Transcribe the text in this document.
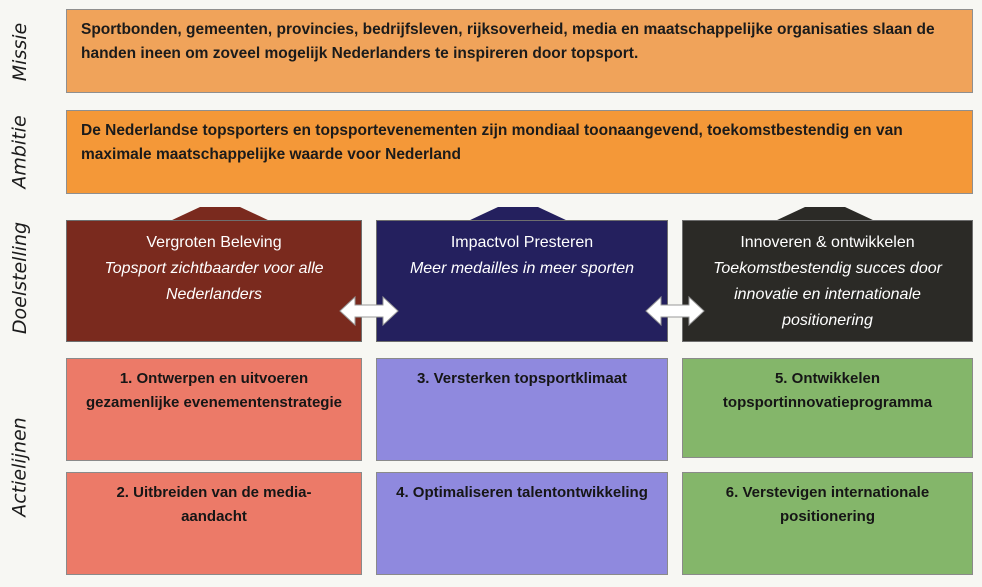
Missie
Ambitie
Doelstelling
Actielijnen
Sportbonden, gemeenten, provincies, bedrijfsleven, rijksoverheid, media en maatschappelijke organisaties slaan de handen ineen om zoveel mogelijk Nederlanders te inspireren door topsport.
De Nederlandse topsporters en topsportevenementen zijn mondiaal toonaangevend, toekomstbestendig en van maximale maatschappelijke waarde voor Nederland
Vergroten Beleving
Topsport zichtbaarder voor alle Nederlanders
Impactvol Presteren
Meer medailles in meer sporten
Innoveren & ontwikkelen
Toekomstbestendig succes door innovatie en internationale positionering
1. Ontwerpen en uitvoeren gezamenlijke evenementenstrategie
2. Uitbreiden van de media-aandacht
3. Versterken topsportklimaat
4. Optimaliseren talentontwikkeling
5. Ontwikkelen topsportinnovatieprogramma
6. Verstevigen internationale positionering
